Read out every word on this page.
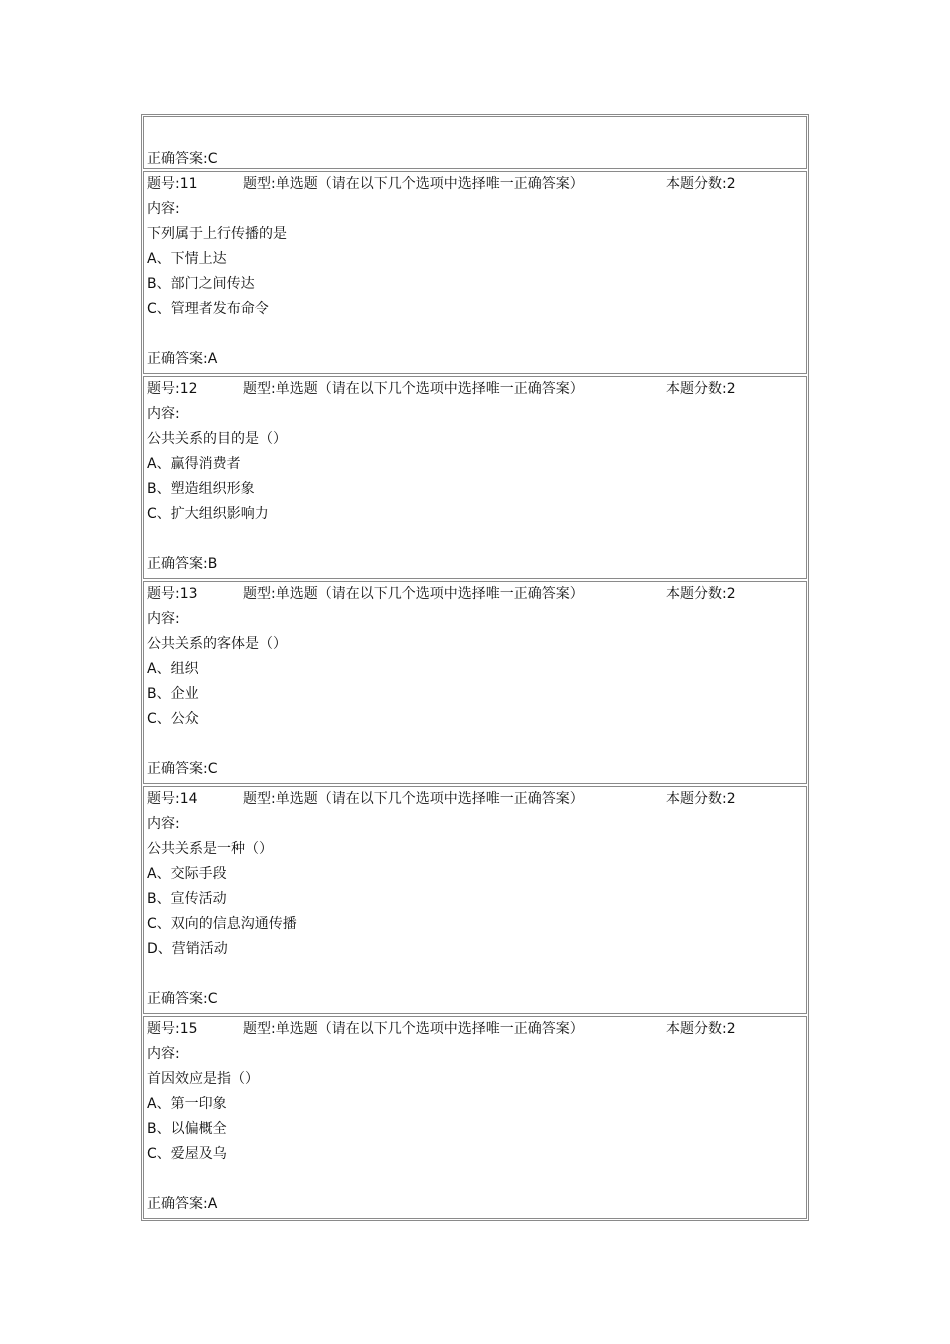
正确答案:C
题号:11	题型:单选题（请在以下几个选项中选择唯一正确答案）	本题分数:2
内容:
下列属于上行传播的是
A、下情上达
B、部门之间传达
C、管理者发布命令
正确答案:A
题号:12	题型:单选题（请在以下几个选项中选择唯一正确答案）	本题分数:2
内容:
公共关系的目的是（）
A、赢得消费者
B、塑造组织形象
C、扩大组织影响力
正确答案:B
题号:13	题型:单选题（请在以下几个选项中选择唯一正确答案）	本题分数:2
内容:
公共关系的客体是（）
A、组织
B、企业
C、公众
正确答案:C
题号:14	题型:单选题（请在以下几个选项中选择唯一正确答案）	本题分数:2
内容:
公共关系是一种（）
A、交际手段
B、宣传活动
C、双向的信息沟通传播
D、营销活动
正确答案:C
题号:15	题型:单选题（请在以下几个选项中选择唯一正确答案）	本题分数:2
内容:
首因效应是指（）
A、第一印象
B、以偏概全
C、爱屋及乌
正确答案:A
